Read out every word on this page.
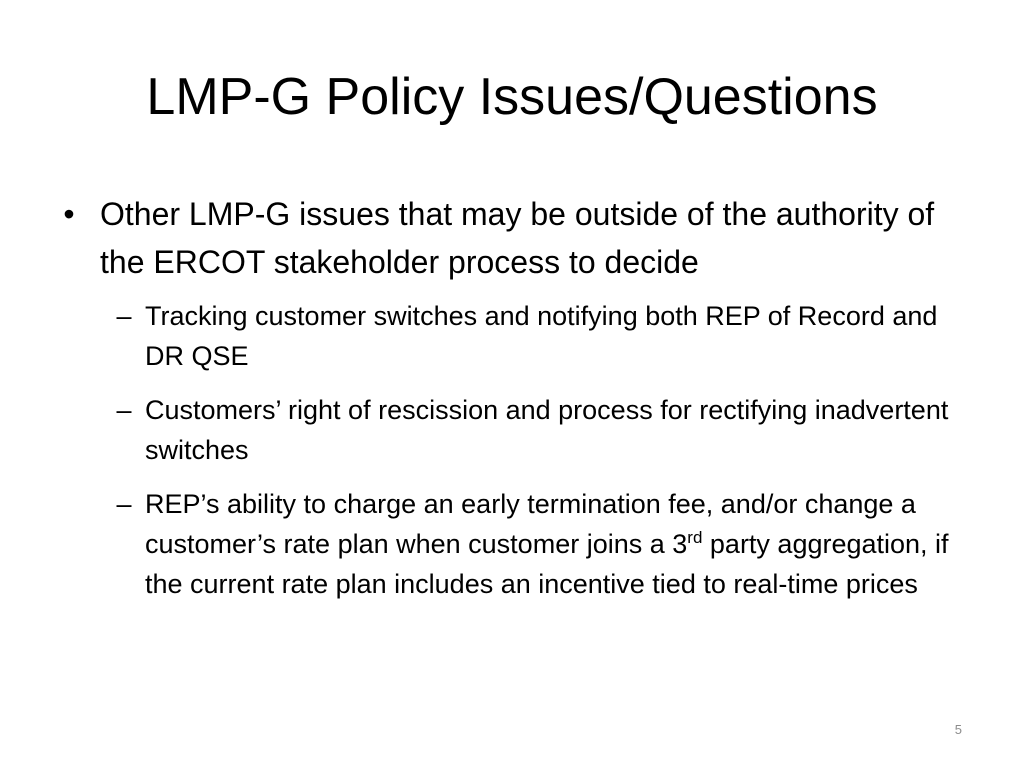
LMP-G Policy Issues/Questions
• Other LMP-G issues that may be outside of the authority of the ERCOT stakeholder process to decide
– Tracking customer switches and notifying both REP of Record and DR QSE
– Customers’ right of rescission and process for rectifying inadvertent switches
– REP’s ability to charge an early termination fee, and/or change a customer’s rate plan when customer joins a 3rd party aggregation, if the current rate plan includes an incentive tied to real-time prices
5
